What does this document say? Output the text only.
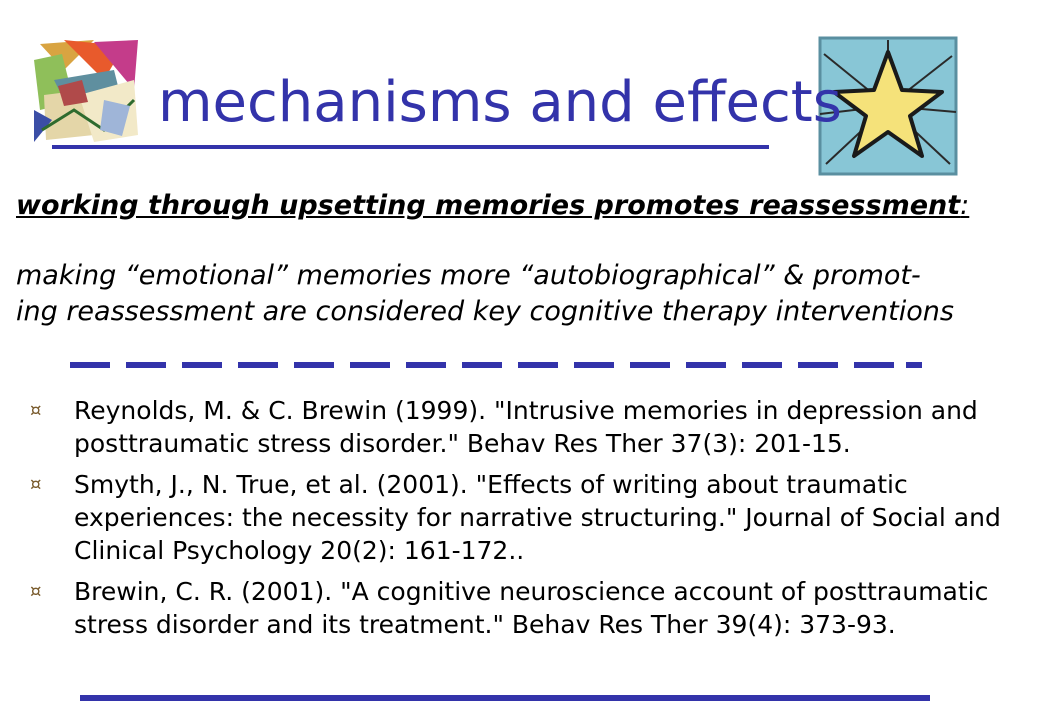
mechanisms and effects
working through upsetting memories promotes reassessment:
making “emotional” memories more “autobiographical” & promot-
ing reassessment are considered key cognitive therapy interventions
¤	Reynolds, M. & C. Brewin (1999). "Intrusive memories in depression and posttraumatic stress disorder." Behav Res Ther 37(3): 201-15.
¤	Smyth, J., N. True, et al. (2001). "Effects of writing about traumatic experiences: the necessity for narrative structuring." Journal of Social and Clinical Psychology 20(2): 161-172..
¤	Brewin, C. R. (2001). "A cognitive neuroscience account of posttraumatic stress disorder and its treatment." Behav Res Ther 39(4): 373-93.
